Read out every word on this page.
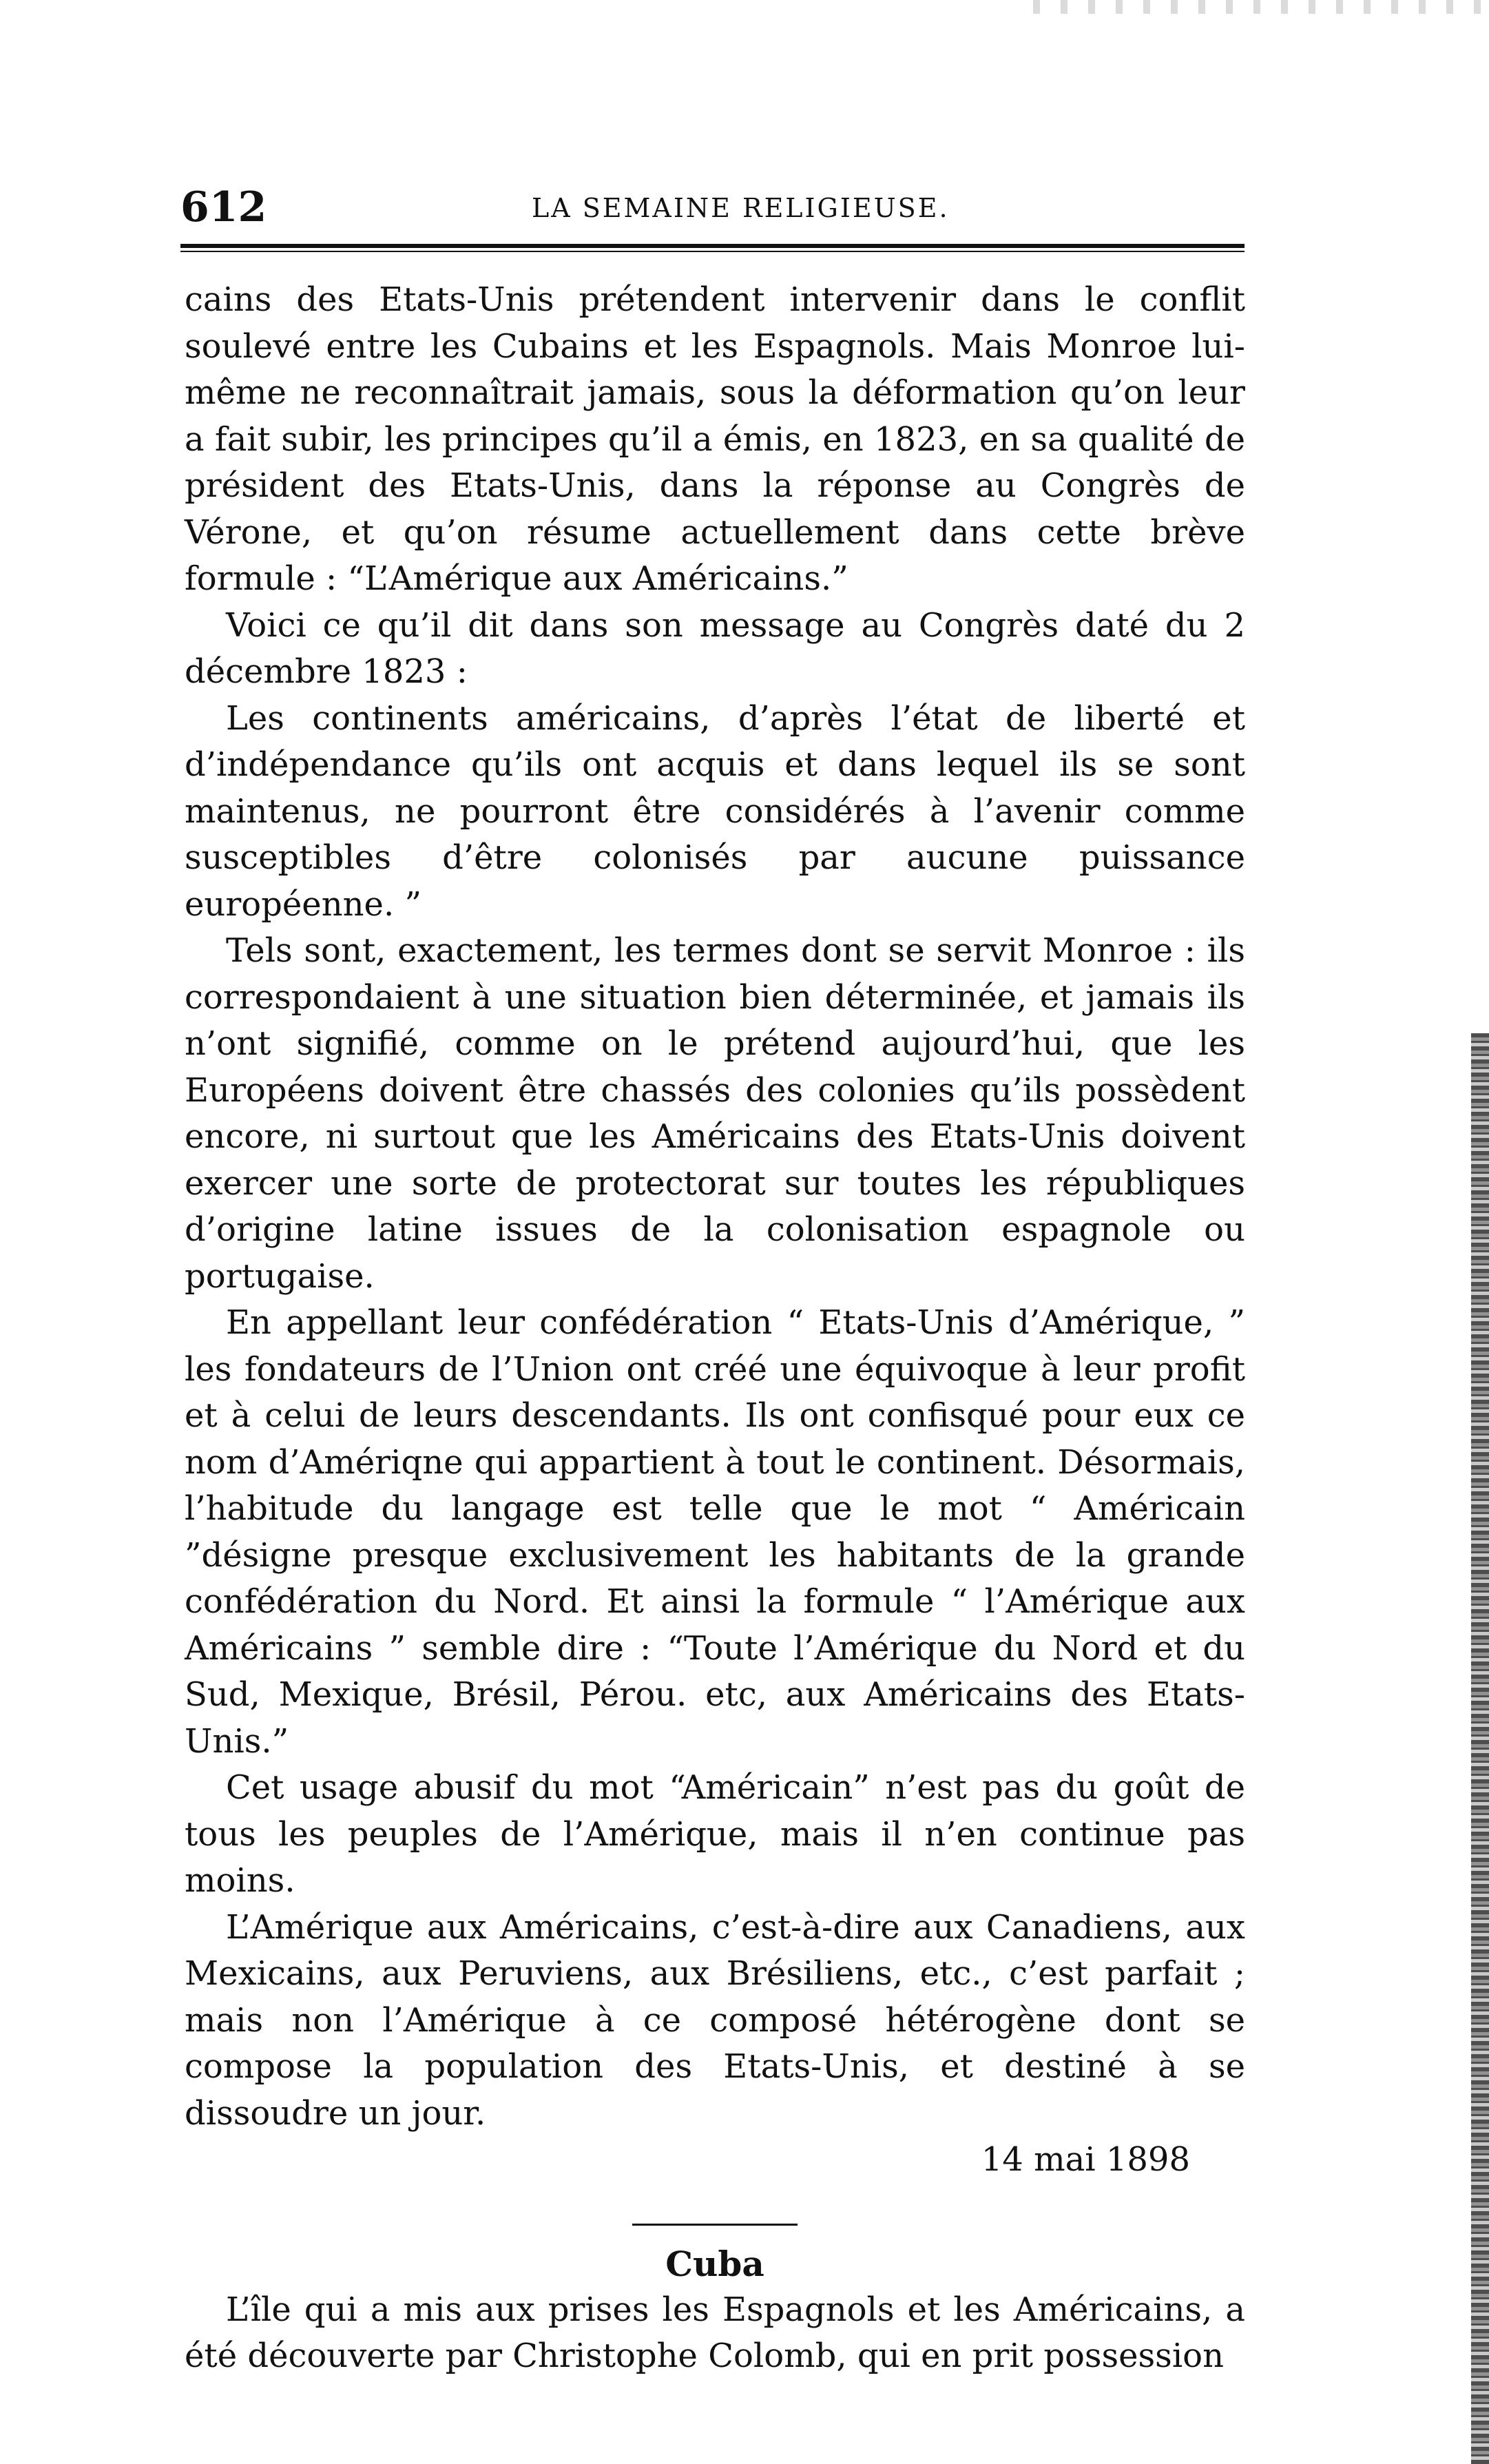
612	LA SEMAINE RELIGIEUSE.

cains des Etats-Unis prétendent intervenir dans le conflit soulevé entre les Cubains et les Espagnols. Mais Monroe lui-même ne reconnaîtrait jamais, sous la déformation qu’on leur a fait subir, les principes qu’il a émis, en 1823, en sa qualité de président des Etats-Unis, dans la réponse au Congrès de Vérone, et qu’on résume actuellement dans cette brève formule : “L’Amérique aux Américains.”

Voici ce qu’il dit dans son message au Congrès daté du 2 décembre 1823 :

Les continents américains, d’après l’état de liberté et d’indépendance qu’ils ont acquis et dans lequel ils se sont maintenus, ne pourront être considérés à l’avenir comme susceptibles d’être colonisés par aucune puissance européenne. ”

Tels sont, exactement, les termes dont se servit Monroe : ils correspondaient à une situation bien déterminée, et jamais ils n’ont signifié, comme on le prétend aujourd’hui, que les Européens doivent être chassés des colonies qu’ils possèdent encore, ni surtout que les Américains des Etats-Unis doivent exercer une sorte de protectorat sur toutes les républiques d’origine latine issues de la colonisation espagnole ou portugaise.

En appellant leur confédération “ Etats-Unis d’Amérique, ” les fondateurs de l’Union ont créé une équivoque à leur profit et à celui de leurs descendants. Ils ont confisqué pour eux ce nom d’Amériqne qui appartient à tout le continent. Désormais, l’habitude du langage est telle que le mot “ Américain ”désigne presque exclusivement les habitants de la grande confédération du Nord. Et ainsi la formule “ l’Amérique aux Américains ” semble dire : “Toute l’Amérique du Nord et du Sud, Mexique, Brésil, Pérou. etc, aux Américains des Etats-Unis.”

Cet usage abusif du mot “Américain” n’est pas du goût de tous les peuples de l’Amérique, mais il n’en continue pas moins.

L’Amérique aux Américains, c’est-à-dire aux Canadiens, aux Mexicains, aux Peruviens, aux Brésiliens, etc., c’est parfait ; mais non l’Amérique à ce composé hétérogène dont se compose la population des Etats-Unis, et destiné à se dissoudre un jour.

14 mai 1898

Cuba

L’île qui a mis aux prises les Espagnols et les Américains, a été découverte par Christophe Colomb, qui en prit possession
